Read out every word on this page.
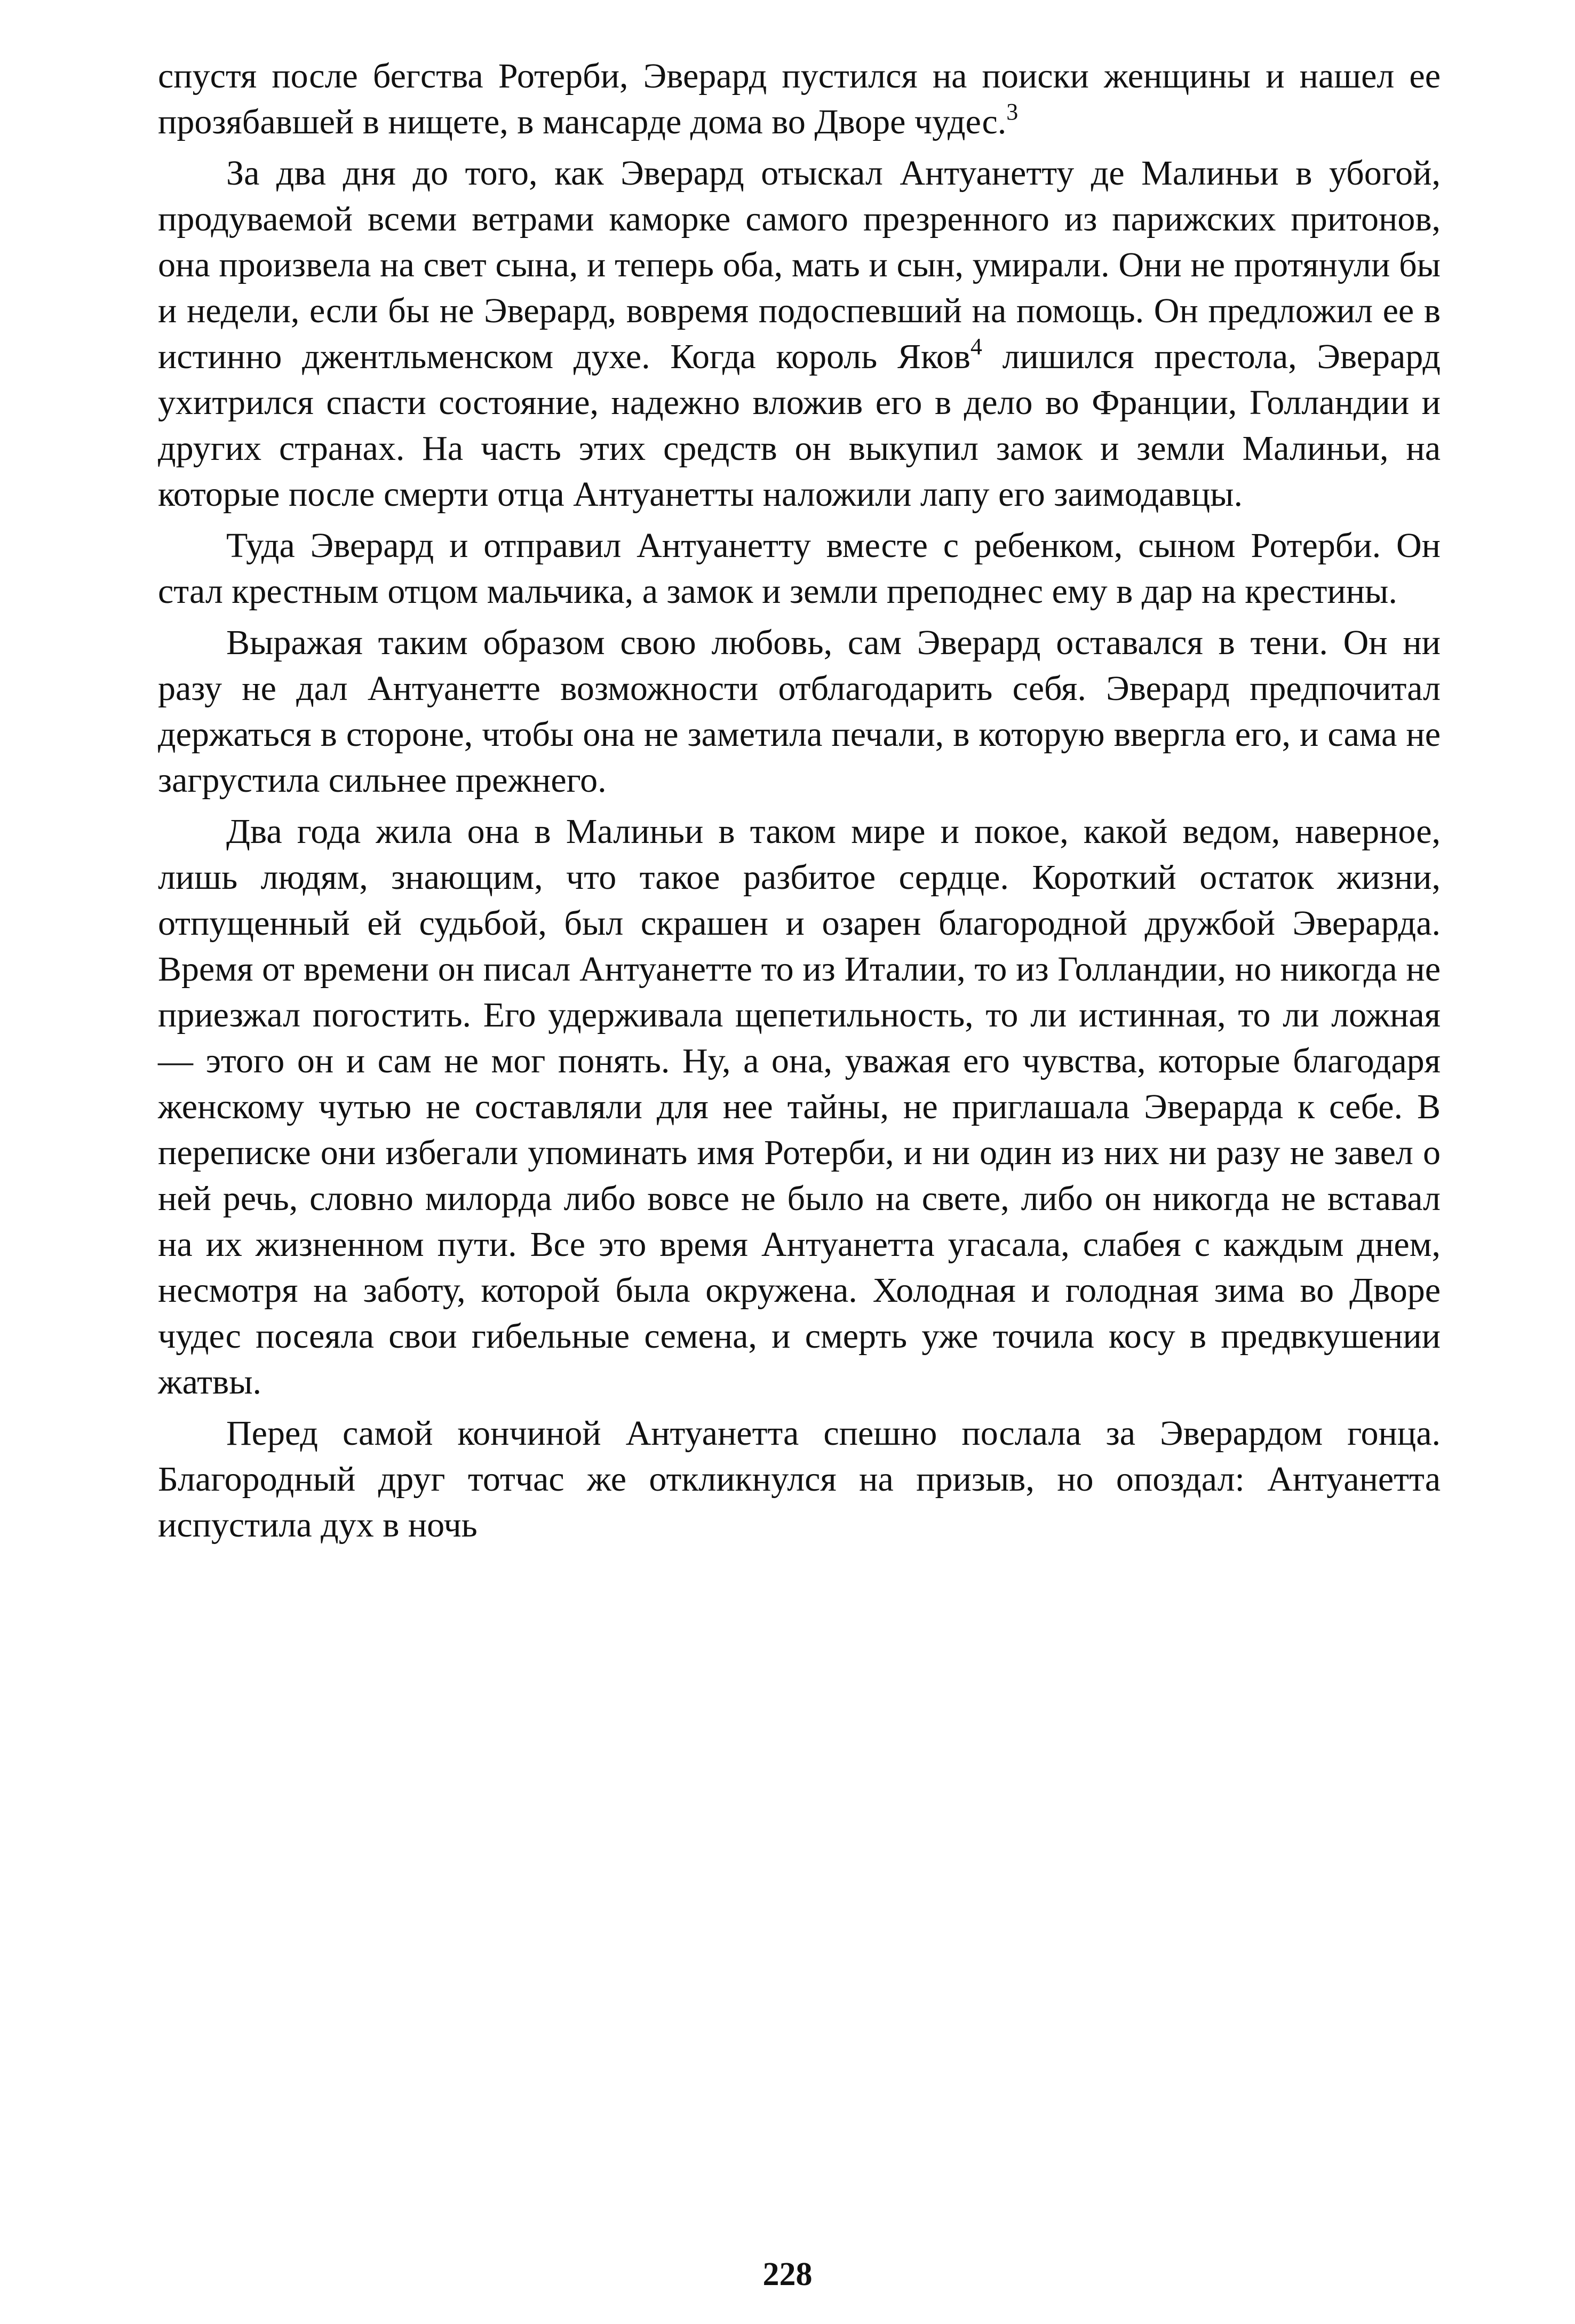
спустя после бегства Ротерби, Эверард пустился на поиски женщины и нашел ее прозябавшей в нищете, в мансарде дома во Дворе чудес.$^3$

За два дня до того, как Эверард отыскал Антуанетту де Малиньи в убогой, продуваемой всеми ветрами каморке самого презренного из парижских притонов, она произвела на свет сына, и теперь оба, мать и сын, умирали. Они не протянули бы и недели, если бы не Эверард, вовремя подоспевший на помощь. Он предложил ее в истинно джентльменском духе. Когда король Яков$^4$ лишился престола, Эверард ухитрился спасти состояние, надежно вложив его в дело во Франции, Голландии и других странах. На часть этих средств он выкупил замок и земли Малиньи, на которые после смерти отца Антуанетты наложили лапу его заимодавцы.

Туда Эверард и отправил Антуанетту вместе с ребенком, сыном Ротерби. Он стал крестным отцом мальчика, а замок и земли преподнес ему в дар на крестины.

Выражая таким образом свою любовь, сам Эверард оставался в тени. Он ни разу не дал Антуанетте возможности отблагодарить себя. Эверард предпочитал держаться в стороне, чтобы она не заметила печали, в которую ввергла его, и сама не загрустила сильнее прежнего.

Два года жила она в Малиньи в таком мире и покое, какой ведом, наверное, лишь людям, знающим, что такое разбитое сердце. Короткий остаток жизни, отпущенный ей судьбой, был скрашен и озарен благородной дружбой Эверарда. Время от времени он писал Антуанетте то из Италии, то из Голландии, но никогда не приезжал погостить. Его удерживала щепетильность, то ли истинная, то ли ложная — этого он и сам не мог понять. Ну, а она, уважая его чувства, которые благодаря женскому чутью не составляли для нее тайны, не приглашала Эверарда к себе. В переписке они избегали упоминать имя Ротерби, и ни один из них ни разу не завел о ней речь, словно милорда либо вовсе не было на свете, либо он никогда не вставал на их жизненном пути. Все это время Антуанетта угасала, слабея с каждым днем, несмотря на заботу, которой была окружена. Холодная и голодная зима во Дворе чудес посеяла свои гибельные семена, и смерть уже точила косу в предвкушении жатвы.

Перед самой кончиной Антуанетта спешно послала за Эверардом гонца. Благородный друг тотчас же откликнулся на призыв, но опоздал: Антуанетта испустила дух в ночь

228
